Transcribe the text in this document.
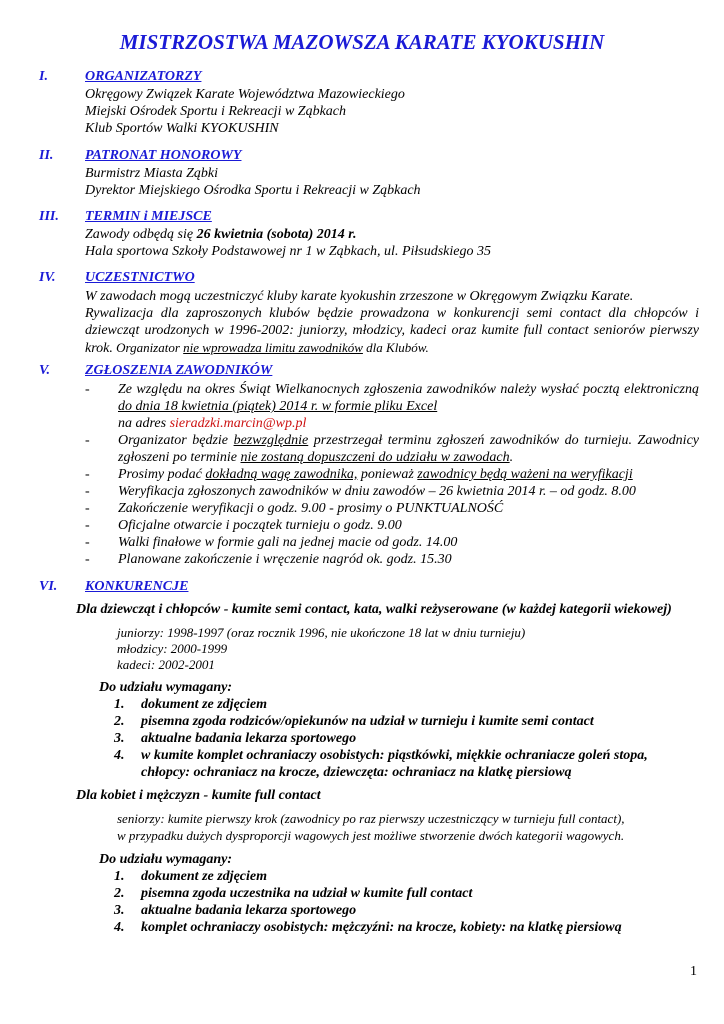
MISTRZOSTWA MAZOWSZA KARATE KYOKUSHIN
I.	ORGANIZATORZY
Okręgowy Związek Karate Województwa Mazowieckiego
Miejski Ośrodek Sportu i Rekreacji w Ząbkach
Klub Sportów Walki KYOKUSHIN
II. PATRONAT HONOROWY
Burmistrz Miasta Ząbki
Dyrektor Miejskiego Ośrodka Sportu i Rekreacji w Ząbkach
III. TERMIN i MIEJSCE
Zawody odbędą się 26 kwietnia (sobota) 2014 r.
Hala sportowa Szkoły Podstawowej nr 1 w Ząbkach, ul. Piłsudskiego 35
IV. UCZESTNICTWO
W zawodach mogą uczestniczyć kluby karate kyokushin zrzeszone w Okręgowym Związku Karate.
Rywalizacja dla zaproszonych klubów będzie prowadzona w konkurencji semi contact dla chłopców i dziewcząt urodzonych w 1996-2002: juniorzy, młodzicy, kadeci oraz kumite full contact seniorów pierwszy krok. Organizator nie wprowadza limitu zawodników dla Klubów.
V. ZGŁOSZENIA ZAWODNIKÓW
- Ze względu na okres Świąt Wielkanocnych zgłoszenia zawodników należy wysłać pocztą elektroniczną do dnia 18 kwietnia (piątek) 2014 r. w formie pliku Excel
na adres sieradzki.marcin@wp.pl
- Organizator będzie bezwzględnie przestrzegał terminu zgłoszeń zawodników do turnieju. Zawodnicy zgłoszeni po terminie nie zostaną dopuszczeni do udziału w zawodach.
- Prosimy podać dokładną wagę zawodnika, ponieważ zawodnicy będą ważeni na weryfikacji
- Weryfikacja zgłoszonych zawodników w dniu zawodów – 26 kwietnia 2014 r. – od godz. 8.00
- Zakończenie weryfikacji o godz. 9.00 - prosimy o PUNKTUALNOŚĆ
- Oficjalne otwarcie i początek turnieju o godz. 9.00
- Walki finałowe w formie gali na jednej macie od godz. 14.00
- Planowane zakończenie i wręczenie nagród ok. godz. 15.30
VI. KONKURENCJE
Dla dziewcząt i chłopców - kumite semi contact, kata, walki reżyserowane (w każdej kategorii wiekowej)
juniorzy: 1998-1997 (oraz rocznik 1996, nie ukończone 18 lat w dniu turnieju)
młodzicy: 2000-1999
kadeci: 2002-2001
Do udziału wymagany:
1. dokument ze zdjęciem
2. pisemna zgoda rodziców/opiekunów na udział w turnieju i kumite semi contact
3. aktualne badania lekarza sportowego
4. w kumite komplet ochraniaczy osobistych: piąstkówki, miękkie ochraniacze goleń stopa,
chłopcy: ochraniacz na krocze, dziewczęta: ochraniacz na klatkę piersiową
Dla kobiet i mężczyzn - kumite full contact
seniorzy: kumite pierwszy krok (zawodnicy po raz pierwszy uczestniczący w turnieju full contact),
w przypadku dużych dysproporcji wagowych jest możliwe stworzenie dwóch kategorii wagowych.
Do udziału wymagany:
1. dokument ze zdjęciem
2. pisemna zgoda uczestnika na udział w kumite full contact
3. aktualne badania lekarza sportowego
4. komplet ochraniaczy osobistych: mężczyźni: na krocze, kobiety: na klatkę piersiową
1
